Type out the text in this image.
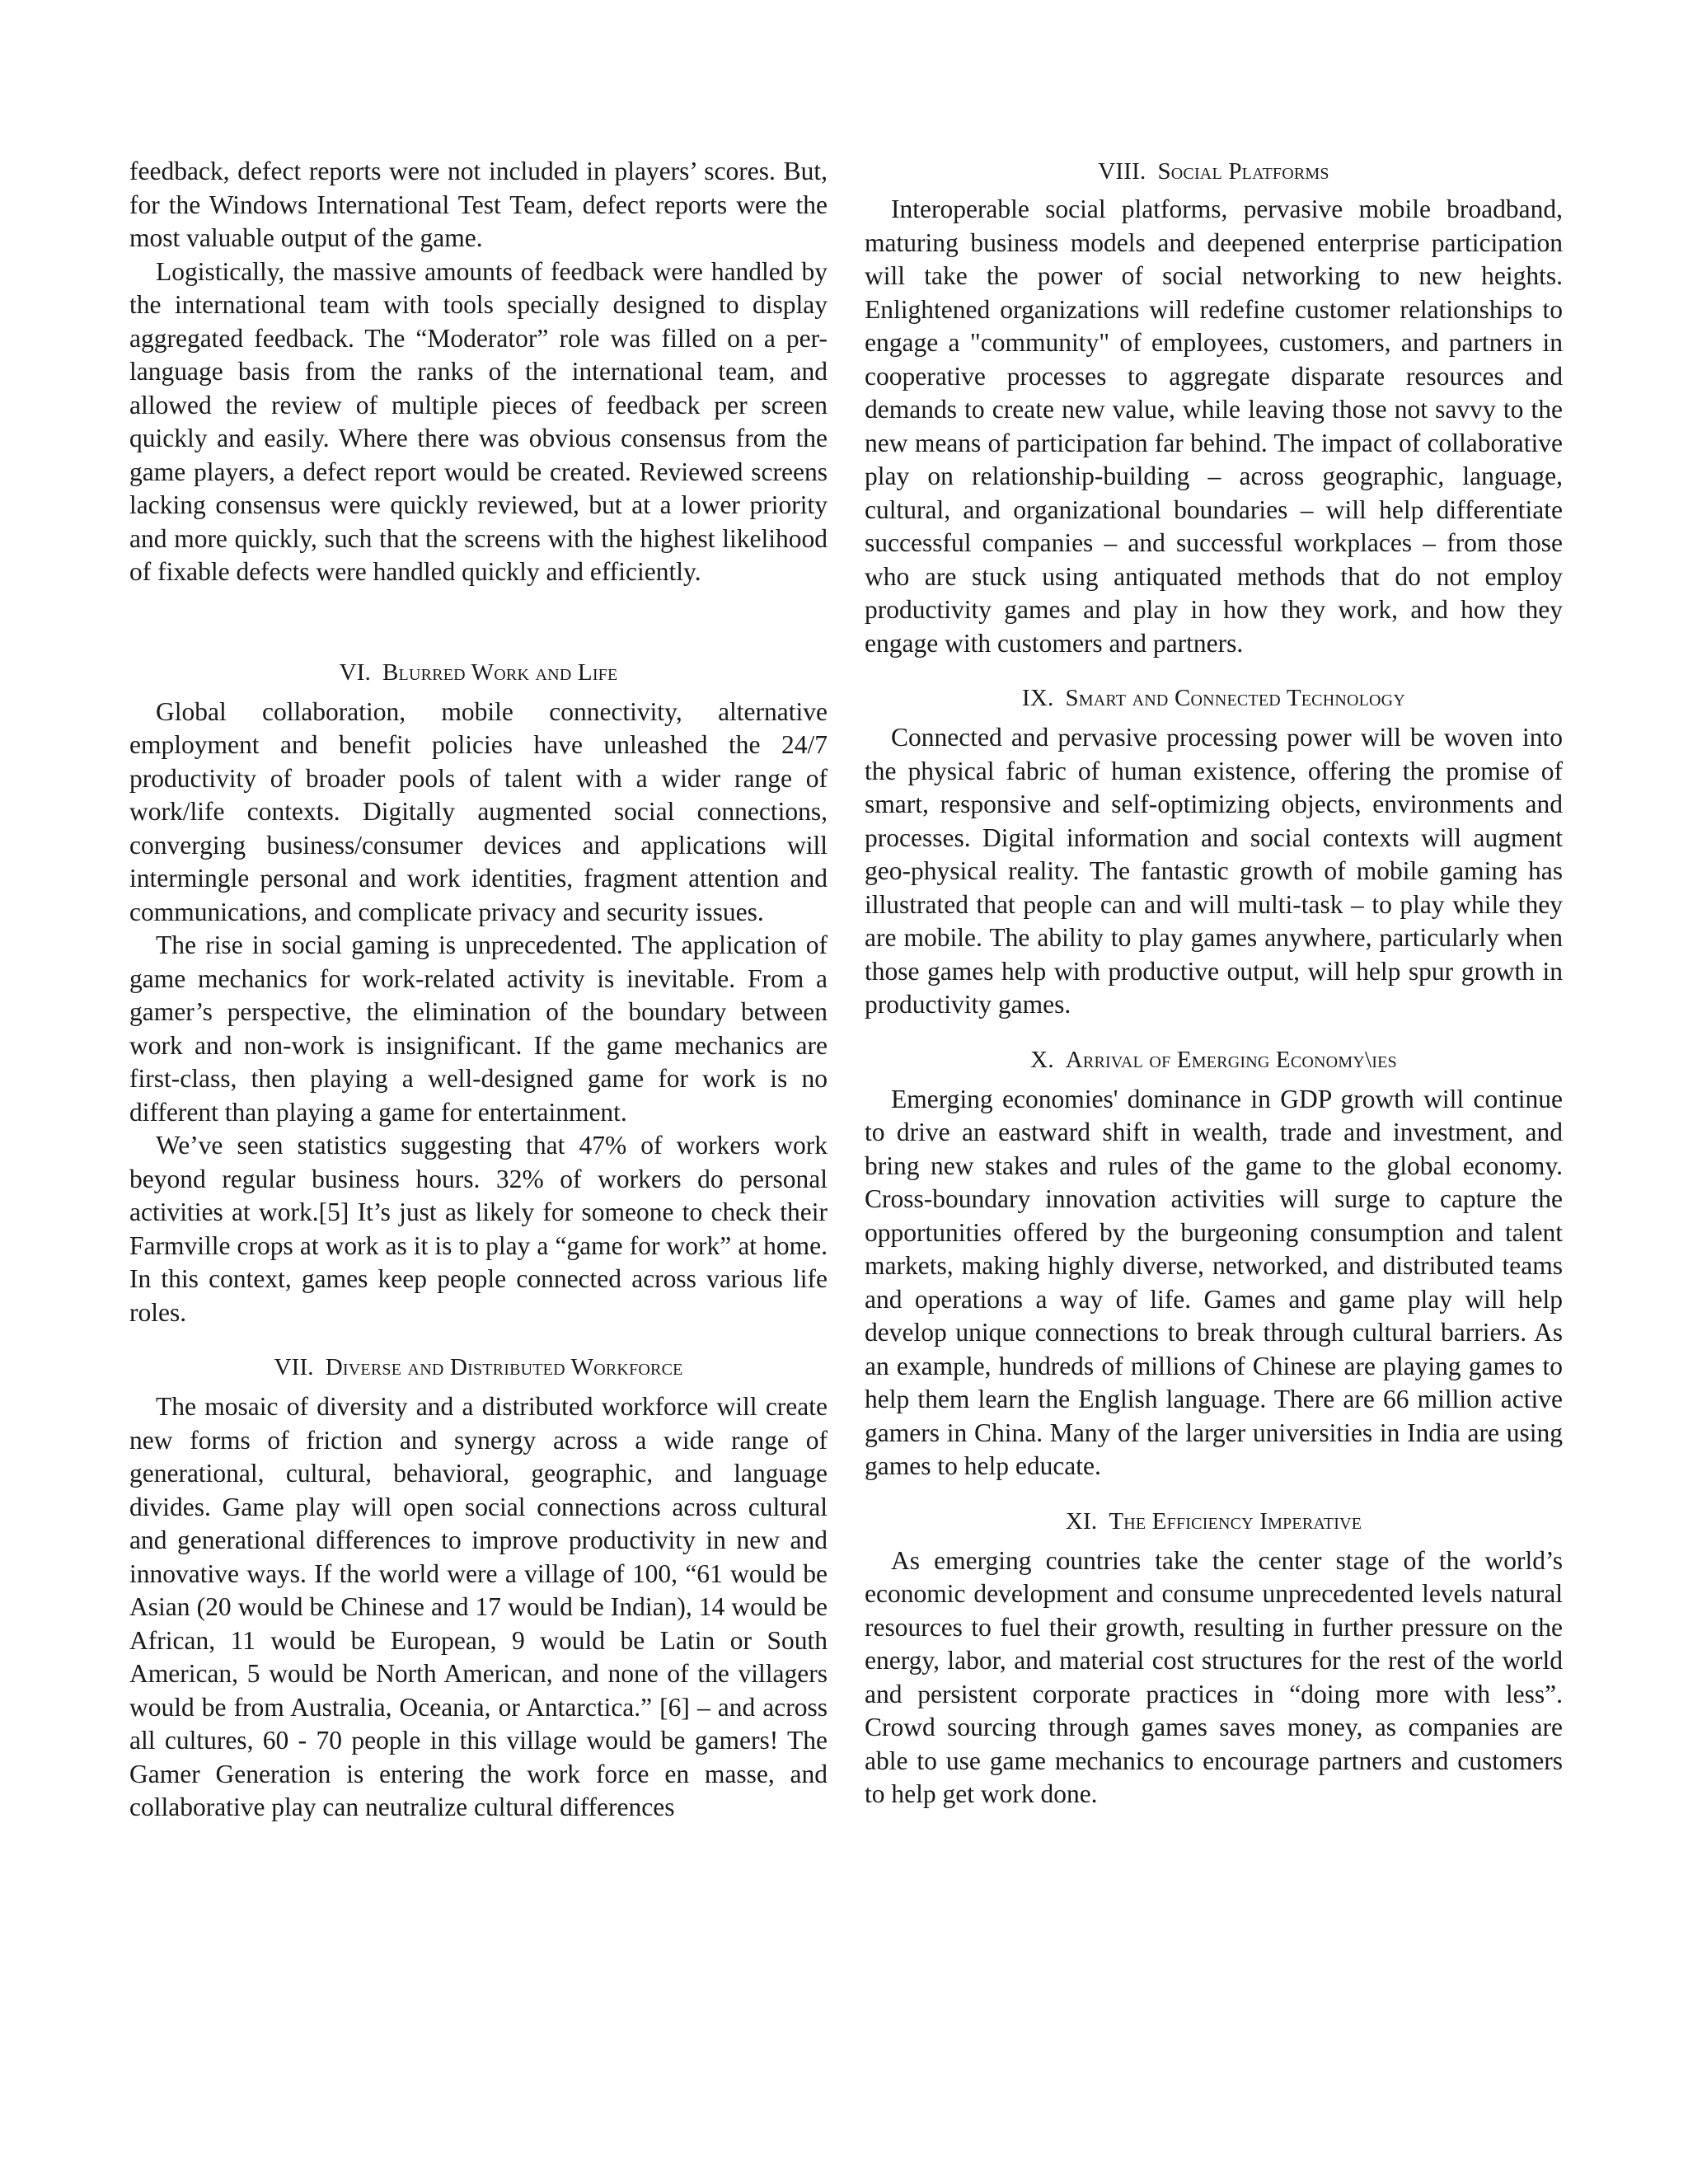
feedback, defect reports were not included in players’ scores. But, for the Windows International Test Team, defect reports were the most valuable output of the game.

Logistically, the massive amounts of feedback were handled by the international team with tools specially designed to display aggregated feedback. The “Moderator” role was filled on a per-language basis from the ranks of the international team, and allowed the review of multiple pieces of feedback per screen quickly and easily. Where there was obvious consensus from the game players, a defect report would be created. Reviewed screens lacking consensus were quickly reviewed, but at a lower priority and more quickly, such that the screens with the highest likelihood of fixable defects were handled quickly and efficiently.

VI. Blurred Work and Life

Global collaboration, mobile connectivity, alternative employment and benefit policies have unleashed the 24/7 productivity of broader pools of talent with a wider range of work/life contexts. Digitally augmented social connections, converging business/consumer devices and applications will intermingle personal and work identities, fragment attention and communications, and complicate privacy and security issues.

The rise in social gaming is unprecedented. The application of game mechanics for work-related activity is inevitable. From a gamer’s perspective, the elimination of the boundary between work and non-work is insignificant. If the game mechanics are first-class, then playing a well-designed game for work is no different than playing a game for entertainment.

We’ve seen statistics suggesting that 47% of workers work beyond regular business hours. 32% of workers do personal activities at work.[5] It’s just as likely for someone to check their Farmville crops at work as it is to play a “game for work” at home. In this context, games keep people connected across various life roles.

VII. Diverse and Distributed Workforce

The mosaic of diversity and a distributed workforce will create new forms of friction and synergy across a wide range of generational, cultural, behavioral, geographic, and language divides. Game play will open social connections across cultural and generational differences to improve productivity in new and innovative ways. If the world were a village of 100, “61 would be Asian (20 would be Chinese and 17 would be Indian), 14 would be African, 11 would be European, 9 would be Latin or South American, 5 would be North American, and none of the villagers would be from Australia, Oceania, or Antarctica.” [6] – and across all cultures, 60 - 70 people in this village would be gamers! The Gamer Generation is entering the work force en masse, and collaborative play can neutralize cultural differences

VIII. Social Platforms

Interoperable social platforms, pervasive mobile broadband, maturing business models and deepened enterprise participation will take the power of social networking to new heights. Enlightened organizations will redefine customer relationships to engage a "community" of employees, customers, and partners in cooperative processes to aggregate disparate resources and demands to create new value, while leaving those not savvy to the new means of participation far behind. The impact of collaborative play on relationship-building – across geographic, language, cultural, and organizational boundaries – will help differentiate successful companies – and successful workplaces – from those who are stuck using antiquated methods that do not employ productivity games and play in how they work, and how they engage with customers and partners.

IX. Smart and Connected Technology

Connected and pervasive processing power will be woven into the physical fabric of human existence, offering the promise of smart, responsive and self-optimizing objects, environments and processes. Digital information and social contexts will augment geo-physical reality. The fantastic growth of mobile gaming has illustrated that people can and will multi-task – to play while they are mobile. The ability to play games anywhere, particularly when those games help with productive output, will help spur growth in productivity games.

X. Arrival of Emerging Economy\ies

Emerging economies' dominance in GDP growth will continue to drive an eastward shift in wealth, trade and investment, and bring new stakes and rules of the game to the global economy. Cross-boundary innovation activities will surge to capture the opportunities offered by the burgeoning consumption and talent markets, making highly diverse, networked, and distributed teams and operations a way of life. Games and game play will help develop unique connections to break through cultural barriers. As an example, hundreds of millions of Chinese are playing games to help them learn the English language. There are 66 million active gamers in China. Many of the larger universities in India are using games to help educate.

XI. The Efficiency Imperative

As emerging countries take the center stage of the world’s economic development and consume unprecedented levels natural resources to fuel their growth, resulting in further pressure on the energy, labor, and material cost structures for the rest of the world and persistent corporate practices in “doing more with less”. Crowd sourcing through games saves money, as companies are able to use game mechanics to encourage partners and customers to help get work done.
